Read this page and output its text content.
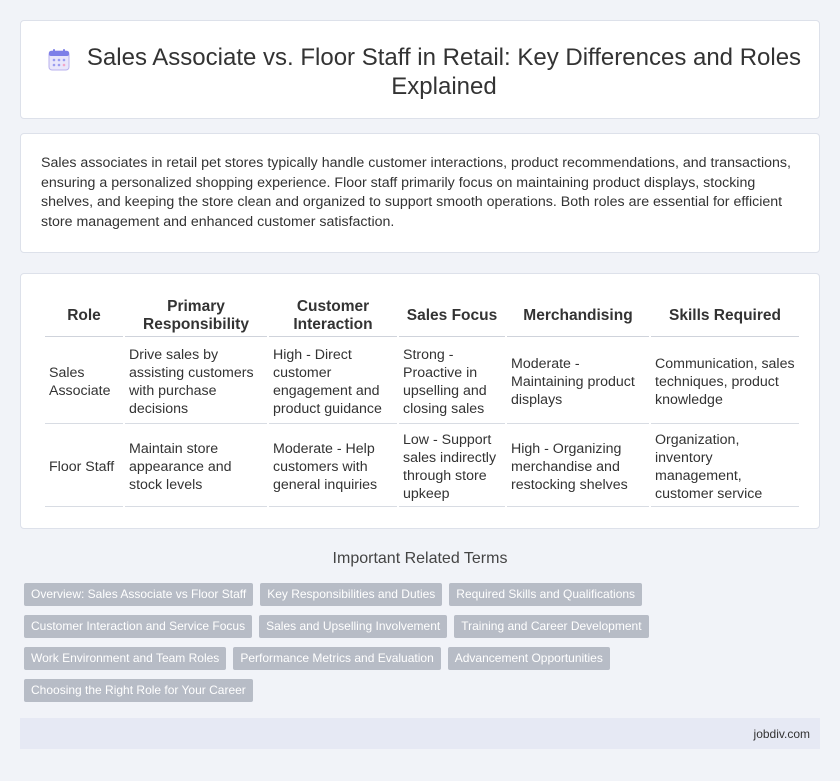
Sales Associate vs. Floor Staff in Retail: Key Differences and Roles Explained

Sales associates in retail pet stores typically handle customer interactions, product recommendations, and transactions, ensuring a personalized shopping experience. Floor staff primarily focus on maintaining product displays, stocking shelves, and keeping the store clean and organized to support smooth operations. Both roles are essential for efficient store management and enhanced customer satisfaction.

Role	Primary Responsibility	Customer Interaction	Sales Focus	Merchandising	Skills Required
Sales Associate	Drive sales by assisting customers with purchase decisions	High - Direct customer engagement and product guidance	Strong - Proactive in upselling and closing sales	Moderate - Maintaining product displays	Communication, sales techniques, product knowledge
Floor Staff	Maintain store appearance and stock levels	Moderate - Help customers with general inquiries	Low - Support sales indirectly through store upkeep	High - Organizing merchandise and restocking shelves	Organization, inventory management, customer service
Important Related Terms
Overview: Sales Associate vs Floor Staff	Key Responsibilities and Duties	Required Skills and Qualifications
Customer Interaction and Service Focus	Sales and Upselling Involvement	Training and Career Development
Work Environment and Team Roles	Performance Metrics and Evaluation	Advancement Opportunities
Choosing the Right Role for Your Career
jobdiv.com
